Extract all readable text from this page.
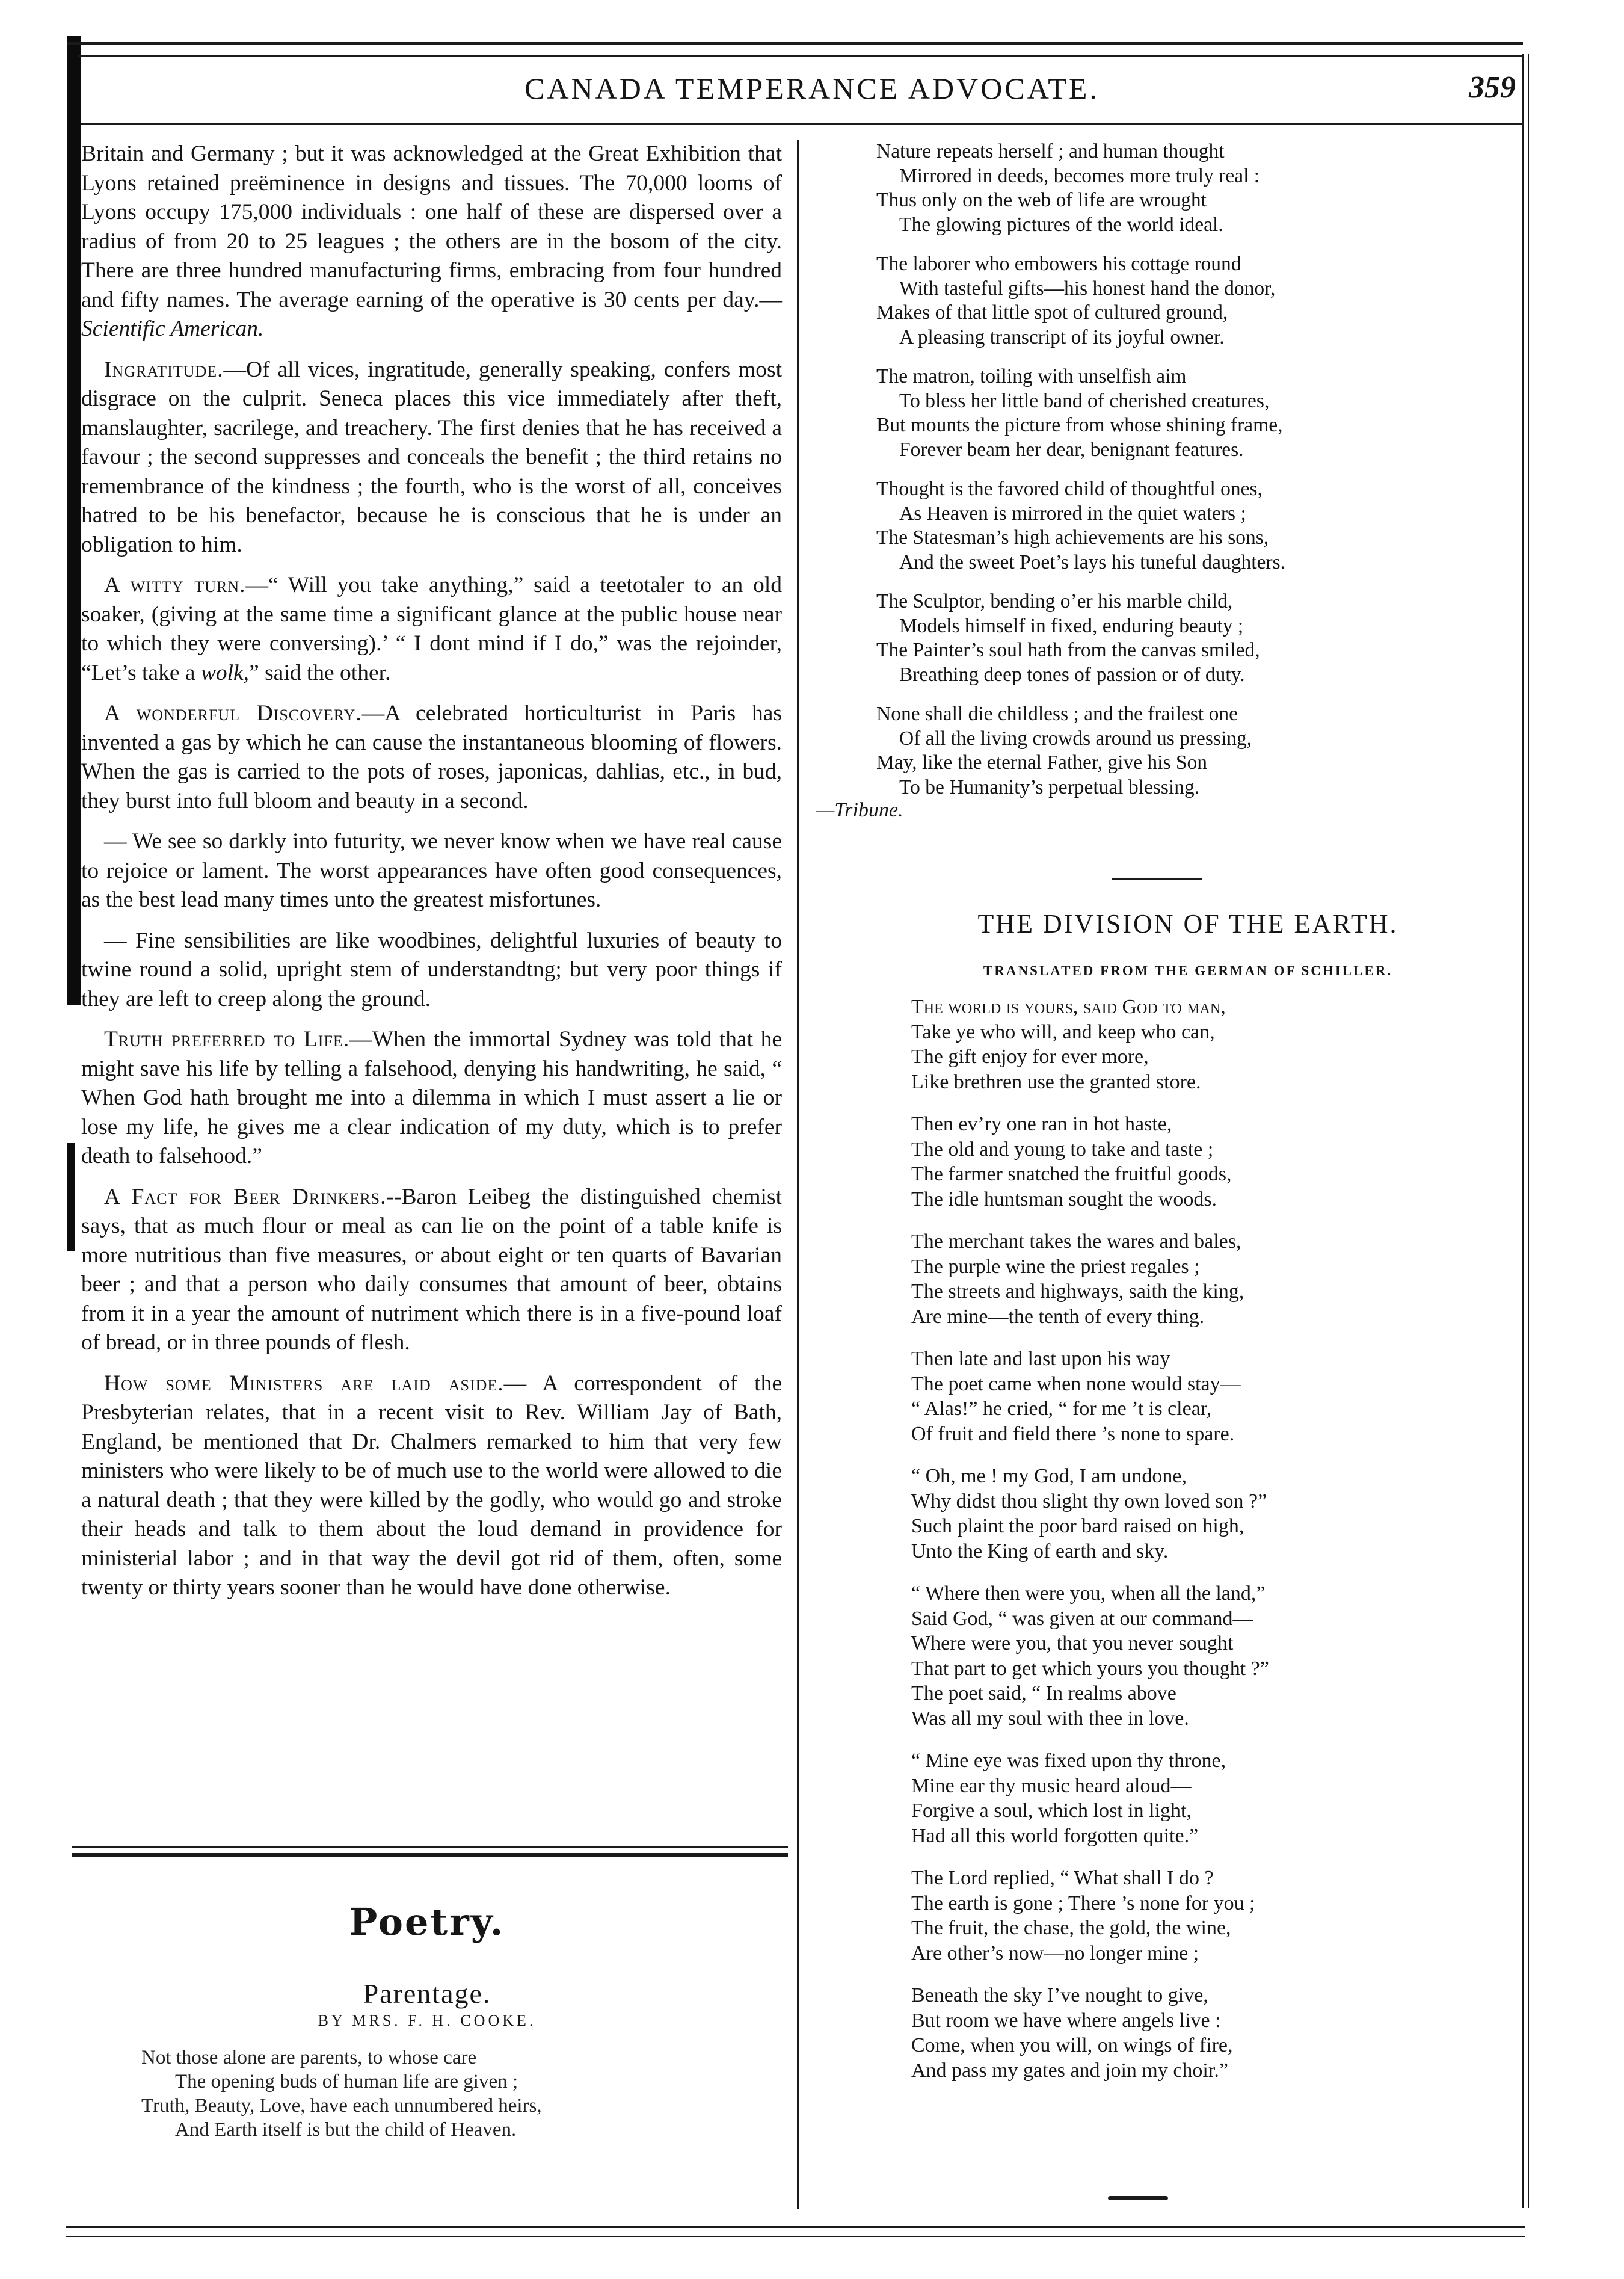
CANADA TEMPERANCE ADVOCATE.	359

Britain and Germany ; but it was acknowledged at the Great Exhibition that Lyons retained preëminence in designs and tissues. The 70,000 looms of Lyons occupy 175,000 individuals : one half of these are dispersed over a radius of from 20 to 25 leagues ; the others are in the bosom of the city. There are three hundred manufacturing firms, embracing from four hundred and fifty names. The average earning of the operative is 30 cents per day.— Scientific American.

Ingratitude.—Of all vices, ingratitude, generally speaking, confers most disgrace on the culprit. Seneca places this vice immediately after theft, manslaughter, sacrilege, and treachery. The first denies that he has received a favour ; the second suppresses and conceals the benefit ; the third retains no remembrance of the kindness ; the fourth, who is the worst of all, conceives hatred to be his benefactor, because he is conscious that he is under an obligation to him.

A witty turn.—“ Will you take anything,” said a teetotaler to an old soaker, (giving at the same time a significant glance at the public house near to which they were conversing).’ “ I dont mind if I do,” was the rejoinder, “Let’s take a wolk,” said the other.

A wonderful Discovery.—A celebrated horticulturist in Paris has invented a gas by which he can cause the instantaneous blooming of flowers. When the gas is carried to the pots of roses, japonicas, dahlias, etc., in bud, they burst into full bloom and beauty in a second.

— We see so darkly into futurity, we never know when we have real cause to rejoice or lament. The worst appearances have often good consequences, as the best lead many times unto the greatest misfortunes.

— Fine sensibilities are like woodbines, delightful luxuries of beauty to twine round a solid, upright stem of understandtng; but very poor things if they are left to creep along the ground.

Truth preferred to Life.—When the immortal Sydney was told that he might save his life by telling a falsehood, denying his handwriting, he said, “ When God hath brought me into a dilemma in which I must assert a lie or lose my life, he gives me a clear indication of my duty, which is to prefer death to falsehood.”

A Fact for Beer Drinkers.--Baron Leibeg the distinguished chemist says, that as much flour or meal as can lie on the point of a table knife is more nutritious than five measures, or about eight or ten quarts of Bavarian beer ; and that a person who daily consumes that amount of beer, obtains from it in a year the amount of nutriment which there is in a five-pound loaf of bread, or in three pounds of flesh.

How some Ministers are laid aside.— A correspondent of the Presbyterian relates, that in a recent visit to Rev. William Jay of Bath, England, be mentioned that Dr. Chalmers remarked to him that very few ministers who were likely to be of much use to the world were allowed to die a natural death ; that they were killed by the godly, who would go and stroke their heads and talk to them about the loud demand in providence for ministerial labor ; and in that way the devil got rid of them, often, some twenty or thirty years sooner than he would have done otherwise.

Poetry.
Parentage.
BY MRS. F. H. COOKE.
Not those alone are parents, to whose care
The opening buds of human life are given ;
Truth, Beauty, Love, have each unnumbered heirs,
And Earth itself is but the child of Heaven.
Nature repeats herself ; and human thought
Mirrored in deeds, becomes more truly real :
Thus only on the web of life are wrought
The glowing pictures of the world ideal.
The laborer who embowers his cottage round
With tasteful gifts—his honest hand the donor,
Makes of that little spot of cultured ground,
A pleasing transcript of its joyful owner.
The matron, toiling with unselfish aim
To bless her little band of cherished creatures,
But mounts the picture from whose shining frame,
Forever beam her dear, benignant features.
Thought is the favored child of thoughtful ones,
As Heaven is mirrored in the quiet waters ;
The Statesman’s high achievements are his sons,
And the sweet Poet’s lays his tuneful daughters.
The Sculptor, bending o’er his marble child,
Models himself in fixed, enduring beauty ;
The Painter’s soul hath from the canvas smiled,
Breathing deep tones of passion or of duty.
None shall die childless ; and the frailest one
Of all the living crowds around us pressing,
May, like the eternal Father, give his Son
To be Humanity’s perpetual blessing.
—Tribune.
THE DIVISION OF THE EARTH.
TRANSLATED FROM THE GERMAN OF SCHILLER.
The world is yours, said God to man,
Take ye who will, and keep who can,
The gift enjoy for ever more,
Like brethren use the granted store.
Then ev’ry one ran in hot haste,
The old and young to take and taste ;
The farmer snatched the fruitful goods,
The idle huntsman sought the woods.
The merchant takes the wares and bales,
The purple wine the priest regales ;
The streets and highways, saith the king,
Are mine—the tenth of every thing.
Then late and last upon his way
The poet came when none would stay—
“ Alas!” he cried, “ for me ’t is clear,
Of fruit and field there ’s none to spare.
“ Oh, me ! my God, I am undone,
Why didst thou slight thy own loved son ?”
Such plaint the poor bard raised on high,
Unto the King of earth and sky.
“ Where then were you, when all the land,”
Said God, “ was given at our command—
Where were you, that you never sought
That part to get which yours you thought ?”
The poet said, “ In realms above
Was all my soul with thee in love.
“ Mine eye was fixed upon thy throne,
Mine ear thy music heard aloud—
Forgive a soul, which lost in light,
Had all this world forgotten quite.”
The Lord replied, “ What shall I do ?
The earth is gone ; There ’s none for you ;
The fruit, the chase, the gold, the wine,
Are other’s now—no longer mine ;
Beneath the sky I’ve nought to give,
But room we have where angels live :
Come, when you will, on wings of fire,
And pass my gates and join my choir.”
